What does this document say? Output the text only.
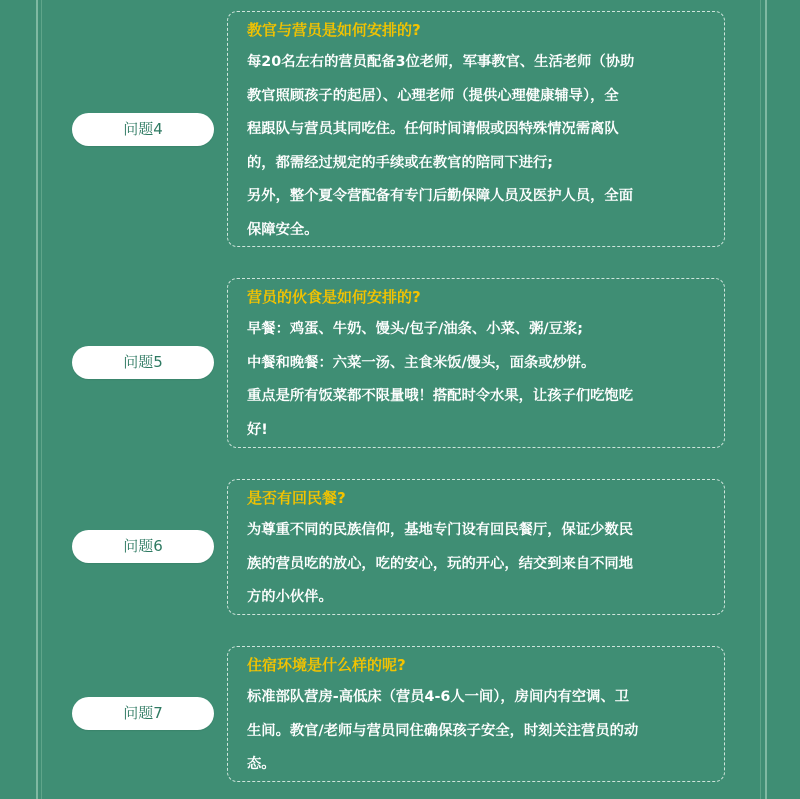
问题4
教官与营员是如何安排的?

每20名左右的营员配备3位老师，军事教官、生活老师（协助

教官照顾孩子的起居）、心理老师（提供心理健康辅导），全

程跟队与营员其同吃住。任何时间请假或因特殊情况需离队

的，都需经过规定的手续或在教官的陪同下进行;

另外，整个夏令营配备有专门后勤保障人员及医护人员，全面

保障安全。

问题5
营员的伙食是如何安排的?

早餐：鸡蛋、牛奶、馒头/包子/油条、小菜、粥/豆浆;

中餐和晚餐：六菜一汤、主食米饭/馒头，面条或炒饼。

重点是所有饭菜都不限量哦！搭配时令水果，让孩子们吃饱吃

好!

问题6
是否有回民餐?

为尊重不同的民族信仰，基地专门设有回民餐厅，保证少数民

族的营员吃的放心，吃的安心，玩的开心，结交到来自不同地

方的小伙伴。

问题7
住宿环境是什么样的呢?

标准部队营房-高低床（营员4-6人一间），房间内有空调、卫

生间。教官/老师与营员同住确保孩子安全，时刻关注营员的动

态。
